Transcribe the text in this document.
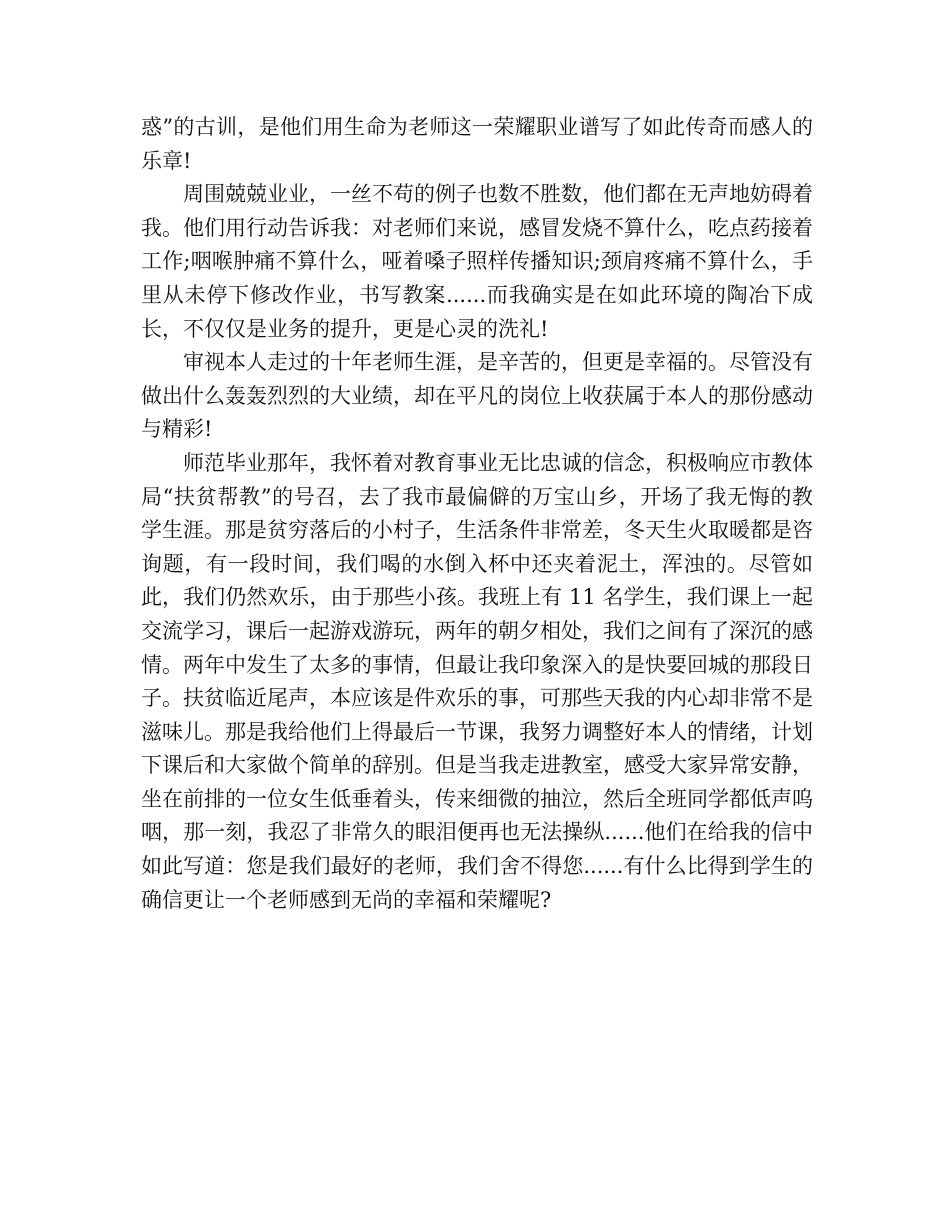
惑”的古训，是他们用生命为老师这一荣耀职业谱写了如此传奇而感人的乐章!

周围兢兢业业，一丝不苟的例子也数不胜数，他们都在无声地妨碍着我。他们用行动告诉我：对老师们来说，感冒发烧不算什么，吃点药接着工作;咽喉肿痛不算什么，哑着嗓子照样传播知识;颈肩疼痛不算什么，手里从未停下修改作业，书写教案......而我确实是在如此环境的陶冶下成长，不仅仅是业务的提升，更是心灵的洗礼!

审视本人走过的十年老师生涯，是辛苦的，但更是幸福的。尽管没有做出什么轰轰烈烈的大业绩，却在平凡的岗位上收获属于本人的那份感动与精彩!

师范毕业那年，我怀着对教育事业无比忠诚的信念，积极响应市教体局“扶贫帮教”的号召，去了我市最偏僻的万宝山乡，开场了我无悔的教学生涯。那是贫穷落后的小村子，生活条件非常差，冬天生火取暖都是咨询题，有一段时间，我们喝的水倒入杯中还夹着泥土，浑浊的。尽管如此，我们仍然欢乐，由于那些小孩。我班上有 11 名学生，我们课上一起交流学习，课后一起游戏游玩，两年的朝夕相处，我们之间有了深沉的感情。两年中发生了太多的事情，但最让我印象深入的是快要回城的那段日子。扶贫临近尾声，本应该是件欢乐的事，可那些天我的内心却非常不是滋味儿。那是我给他们上得最后一节课，我努力调整好本人的情绪，计划下课后和大家做个简单的辞别。但是当我走进教室，感受大家异常安静，坐在前排的一位女生低垂着头，传来细微的抽泣，然后全班同学都低声呜咽，那一刻，我忍了非常久的眼泪便再也无法操纵......他们在给我的信中如此写道：您是我们最好的老师，我们舍不得您......有什么比得到学生的确信更让一个老师感到无尚的幸福和荣耀呢?
